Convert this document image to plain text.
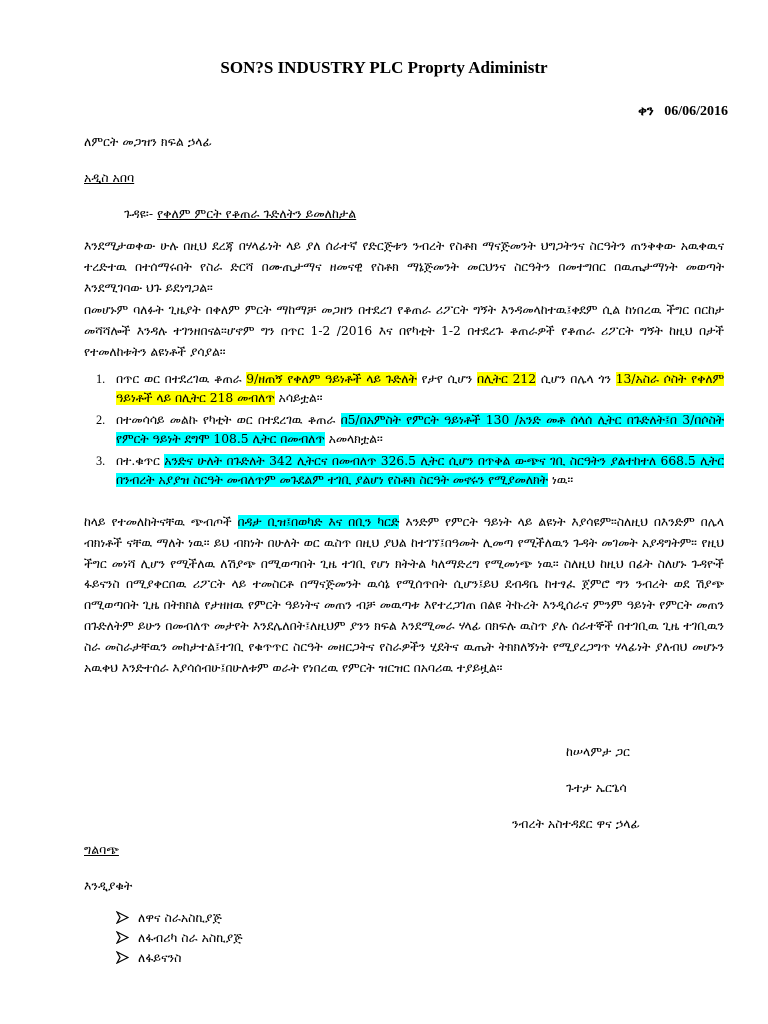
SON?S INDUSTRY PLC Proprty Adiministr
ቀን 06/06/2016
ለምርት መጋዝን ክፍል ኃላፊ
አዲስ አበባ
ጉዳዩ፡- የቀለም ምርት የቆጠራ ጉድለትን ይመለከታል

እንደሚታወቀው ሁሉ በዚህ ደረጃ በሃላፊነት ላይ ያለ ሰራተኛ የድርጅቱን ንብረት የስቶክ ማናጅመንት ህግጋትንና ስርዓትን ጠንቅቀው አዉቀዉና ተረድተዉ በተሰማሩበት የስራ ድርሻ በሙጢታማና ዘመናዊ የስቶክ ማኔጅመንት መርህንና ስርዓትን በመተግበር በዉጤታማነት መወጣት እንደሚገባው ህጉ ይደነግጋል፡፡

በመሆኑም ባለፉት ጊዜያት በቀለም ምርት ማከማቻ መጋዘን በተደረገ የቆጠራ ሪፖርት ግኝት እንዳመላከተዉ፤ቀደም ሲል ከነበረዉ ችግር በርከታ መሻሻሎች እንዳሉ ተገንዘበናል፡፡ሆኖም ግን በጥር 1-2 /2016 እና በየካቲት 1-2 በተደረጉ ቆጠራዎች የቆጠራ ሪፖርት ግኝት ከዚህ በታች የተመለከቱትን ልዩነቶች ያሳያል፡፡

1. በጥር ወር በተደረገዉ ቆጠራ 9/ዘጠኝ የቀለም ዓይነቶች ላይ ጉድለት የታየ ሲሆን በሊትር 212 ሲሆን በሌላ ጎን 13/አስራ ሶስት የቀለም ዓይነቶች ላይ በሊትር 218 መብለጥ አሳይቷል፡፡
2. በተመሳሳይ መልኩ የካቲት ወር በተደረገዉ ቆጠራ በ5/በአምስት የምርት ዓይነቶች 130 /አንድ መቶ ሰላሰ ሊትር በጉድለት፤በ 3/በሶስት የምርት ዓይነት ደግሞ 108.5 ሊትር በመብለጥ አመላክቷል፡፡
3. በተ.ቁጥር አንድና ሁለት በጉድለት 342 ሊትርና በመብለጥ 326.5 ሊትር ሲሆን በጥቅል ውጭና ገቢ ስርዓትን ያልተከተለ 668.5 ሊትር በንብረት አያያዝ ስርዓት መብለጥም መጉደልም ተገቢ ያልሆነ የስቶክ ስርዓት መኖሩን የሚያመለክት ነዉ፡፡

ከላይ የተመለከትናቸዉ ጭብጦች በዳታ ቢዝ፤በወካድ እና በቢን ካርድ እንድም የምርት ዓይነት ላይ ልዩነት እያሳዩም፡፡ስለዚህ በእንድም በሌላ ብክነቶች ናቸዉ ማለት ነዉ፡፡ ይህ ብክነት በሁለት ወር ዉስጥ በዚህ ያህል ከተገኘ፤በዓመት ሊመጣ የሚችለዉን ጉዳት መገመት አያዳግትም፡፡ የዚህ ችግር መነሻ ሊሆን የሚችለዉ ለሽያጭ በሚወጣበት ጊዜ ተገቢ የሆነ ክትትል ካለማድረግ የሚመነጭ ነዉ፡፡ ስለዚህ ከዚህ በፊት ስለሆኑ ጉዳዮች ፋይናንስ በሚያቀርበዉ ሪፖርት ላይ ተመስርቶ በማናጅመንት ዉሳኔ የሚሰጥበት ሲሆን፤ይህ ደብዳቤ ከተፃፈ ጀምሮ ግን ንብረት ወደ ሽያጭ በሚወጣበት ጊዜ በትክክል የታዘዘዉ የምርት ዓይነትና መጠን ብቻ መዉጣቱ እየተረጋገጠ በልዩ ትኩረት እንዲሰራና ምንም ዓይነት የምርት መጠን በጉድለትም ይሁን በመብለጥ መታየት እንደሌለበት፤ለዚህም ያንን ክፍል እንደሚመራ ሃላፊ በክፍሉ ዉስጥ ያሉ ሰራተኞች በተገቢዉ ጊዜ ተገቢዉን ስራ መስራታቸዉን መከታተል፤ተገቢ የቁጥጥር ስርዓት መዘርጋትና የስራዎችን ሂደትና ዉጤት ትክክለኝነት የሚያረጋግጥ ሃላፊነት ያለብህ መሆኑን አዉቀህ እንድተሰራ እያሳሰብሁ፤በሁለቱም ወራት የነበረዉ የምርት ዝርዝር በአባሪዉ ተያይዟል፡፡

ከሠላምታ ጋር
ጉተታ ኤርጌሳ
ንብረት አስተዳደር ዋና ኃላፊ
ግልባጭ
እንዲያቁት
ለዋና ስራአስኪያጅ
ለፋብሪካ ስራ አስኪያጅ
ለፋይናንስ
